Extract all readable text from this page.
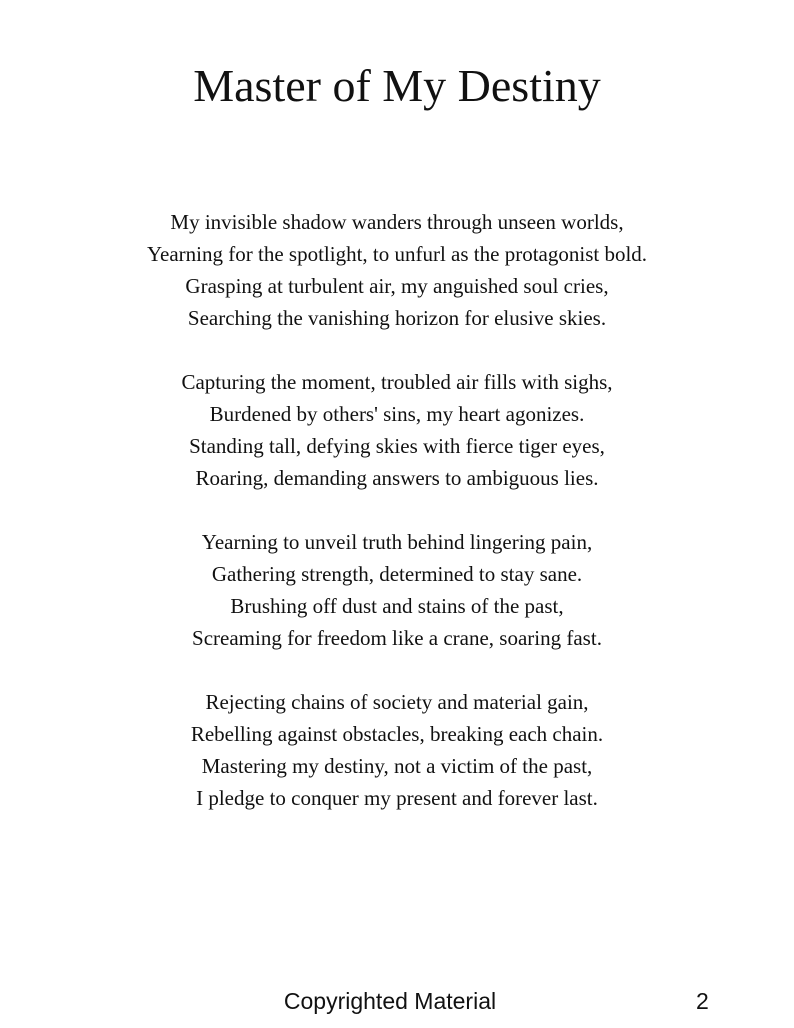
Master of My Destiny
My invisible shadow wanders through unseen worlds,
Yearning for the spotlight, to unfurl as the protagonist bold.
Grasping at turbulent air, my anguished soul cries,
Searching the vanishing horizon for elusive skies.
Capturing the moment, troubled air fills with sighs,
Burdened by others' sins, my heart agonizes.
Standing tall, defying skies with fierce tiger eyes,
Roaring, demanding answers to ambiguous lies.
Yearning to unveil truth behind lingering pain,
Gathering strength, determined to stay sane.
Brushing off dust and stains of the past,
Screaming for freedom like a crane, soaring fast.
Rejecting chains of society and material gain,
Rebelling against obstacles, breaking each chain.
Mastering my destiny, not a victim of the past,
I pledge to conquer my present and forever last.
Copyrighted Material	2
